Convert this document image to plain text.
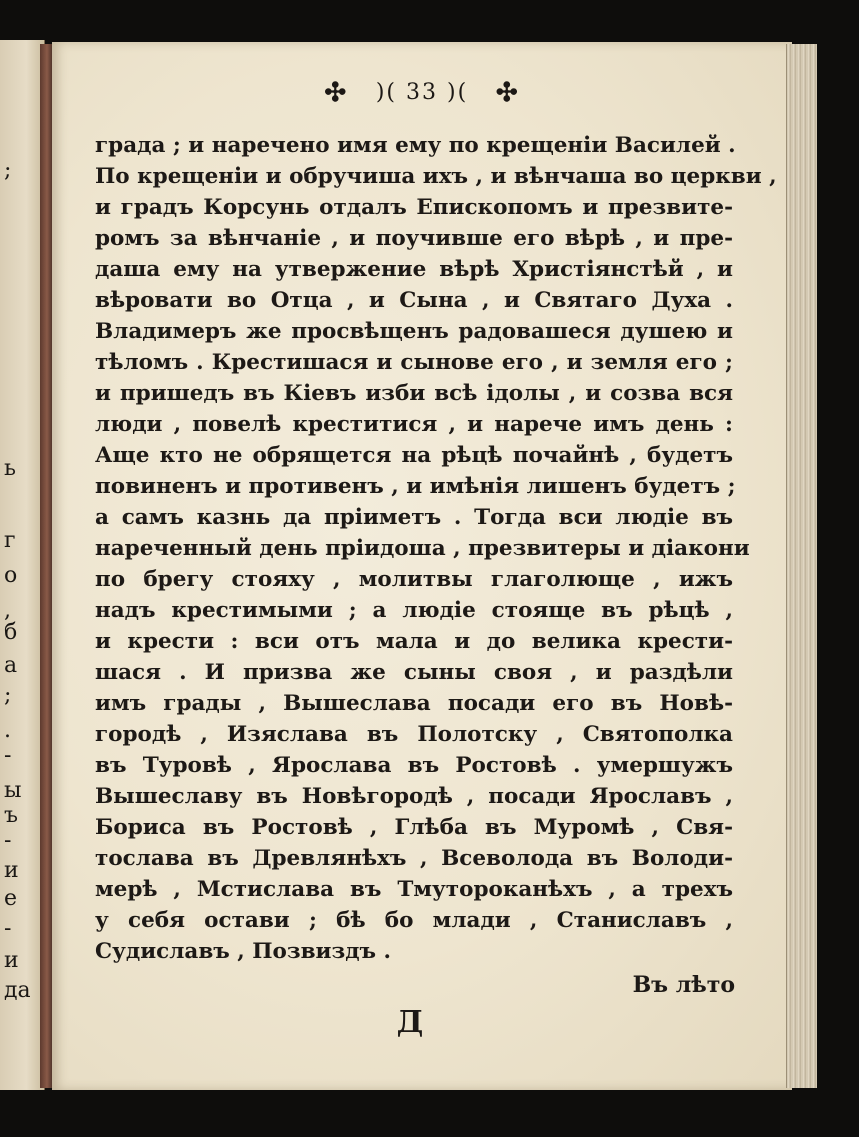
;
ь
г
о
,
б
а
;
.
-
ы
ъ
-
и
е
-
и
да
✣ )( 33 )( ✣
града ; и наречено имя ему по крещеніи Василей .
По крещеніи и обручиша ихъ , и вѣнчаша во церкви ,
и градъ Корсунь отдалъ Епископомъ и презвите-
ромъ за вѣнчаніе , и поучивше его вѣрѣ , и пре-
даша ему на утвержение вѣрѣ Христіянстѣй , и
вѣровати во Отца , и Сына , и Святаго Духа .
Владимеръ же просвѣщенъ радовашеся душею и
тѣломъ . Крестишася и сынове его , и земля его ;
и пришедъ въ Кіевъ изби всѣ ідолы , и созва вся
люди , повелѣ креститися , и нарече имъ день :
Аще кто не обрящется на рѣцѣ почайнѣ , будетъ
повиненъ и противенъ , и имѣнія лишенъ будетъ ;
а самъ казнь да пріиметъ . Тогда вси людіе въ
нареченный день пріидоша , презвитеры и діакони
по брегу стояху , молитвы глаголюще , ижъ
надъ крестимыми ; а людіе стояще въ рѣцѣ ,
и крести : вси отъ мала и до велика крести-
шася . И призва же сыны своя , и раздѣли
имъ грады , Вышеслава посади его въ Новѣ-
городѣ , Изяслава въ Полотску , Святополка
въ Туровѣ , Ярослава въ Ростовѣ . умершужъ
Вышеславу въ Новѣгородѣ , посади Ярославъ ,
Бориса въ Ростовѣ , Глѣба въ Муромѣ , Свя-
тослава въ Древлянѣхъ , Всеволода въ Володи-
мерѣ , Мстислава въ Тмутороканѣхъ , а трехъ
у себя остави ; бѣ бо млади , Станиславъ ,
Судиславъ , Позвиздъ .
Въ лѣто
Д
